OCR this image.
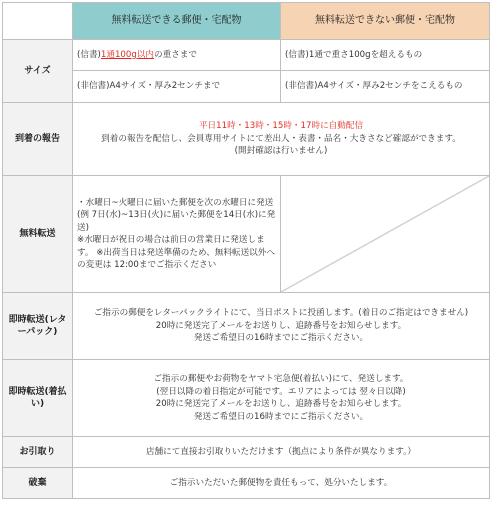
	無料転送できる郵便・宅配物	無料転送できない郵便・宅配物
サイズ	(信書)1通100g以内の重さまで	(信書)1通で重さ100gを超えるもの
	(非信書)A4サイズ・厚み2センチまで	(非信書)A4サイズ・厚み2センチをこえるもの
到着の報告	平日11時・13時・15時・17時に自動配信
到着の報告を配信し、会員専用サイトにて差出人・表書・品名・大きさなど確認ができます。
(開封確認は行いません)	

無料転送	・水曜日~火曜日に届いた郵便を次の水曜日に発送 (例 7日(水)~13日(火)に届いた郵便を14日(水)に発送)
※水曜日が祝日の場合は前日の営業日に発送します。 ※出荷当日は発送準備のため、無料転送以外への変更は 12:00までご指示ください

即時転送(レターパック)	ご指示の郵便をレターパックライトにて、当日ポストに投函します。(着日のご指定はできません)
20時に発送完了メールをお送りし、追跡番号をお知らせします。
発送ご希望日の16時までにご指示ください。	

即時転送(着払い)	ご指示の郵便やお荷物をヤマト宅急便(着払い)にて、発送します。
(翌日以降の着日指定が可能です。エリアによっては 翌々日以降)
20時に発送完了メールをお送りし、追跡番号をお知らせします。
発送ご希望日の16時までにご指示ください。	

お引取り	店舗にて直接お引取りいただけます（拠点により条件が異なります。）	
破棄	ご指示いただいた郵便物を責任もって、処分いたします。	
